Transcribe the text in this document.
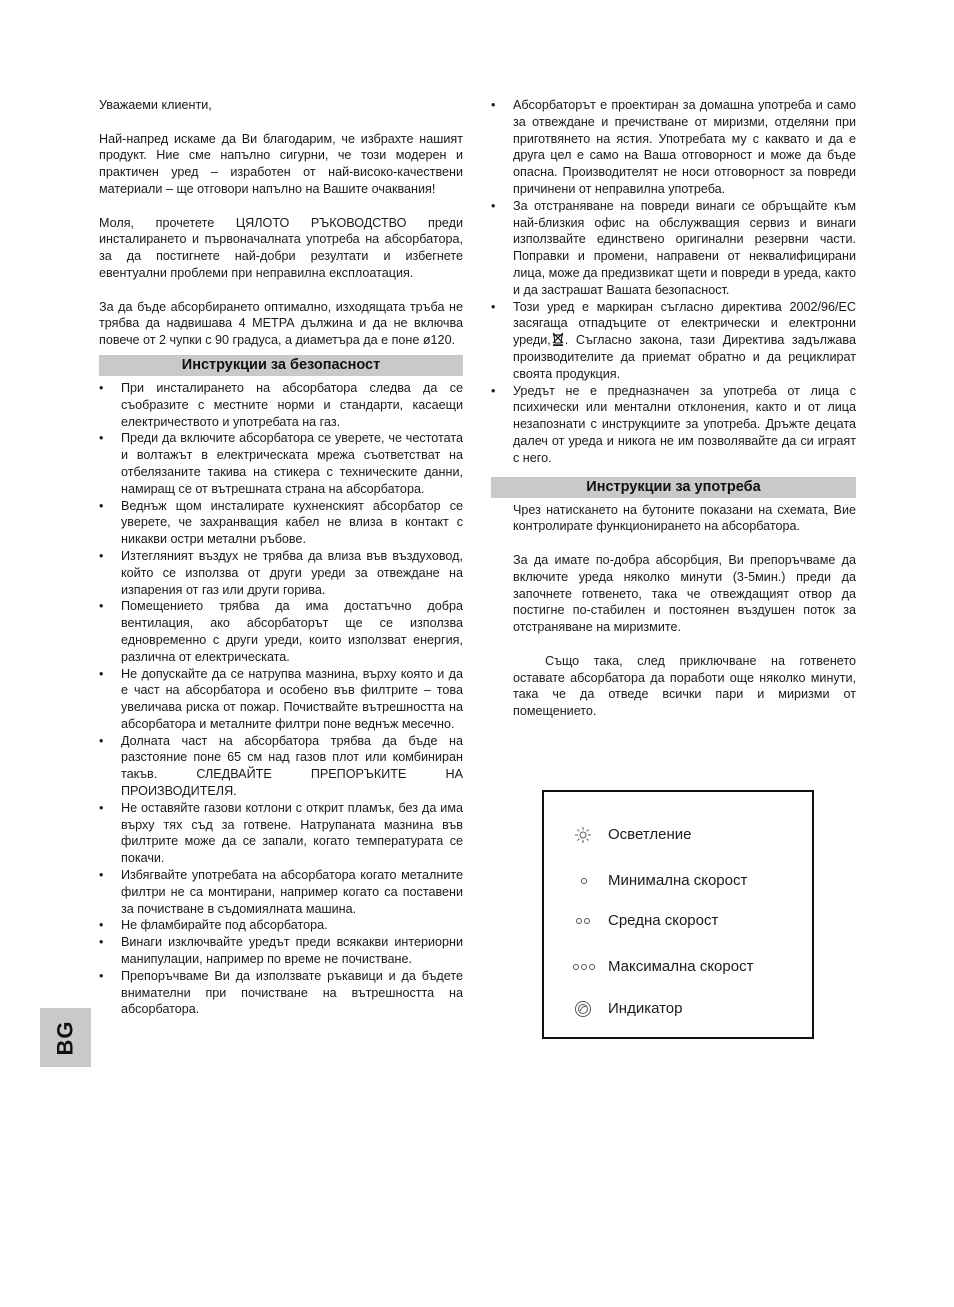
Уважаеми клиенти,
Най-напред искаме да Ви благодарим, че избрахте нашият продукт. Ние сме напълно сигурни, че този модерен и практичен уред – изработен от най-високо-качествени материали – ще отговори напълно на Вашите очаквания!
Моля, прочетете ЦЯЛОТО РЪКОВОДСТВО преди инсталирането и първоначалната употреба на абсорбатора, за да постигнете най-добри резултати и избегнете евентуални проблеми при неправилна експлоатация.
За да бъде абсорбирането оптимално, изходящата тръба не трябва да надвишава 4 МЕТРА дължина и да не включва повече от 2 чупки с 90 градуса, а диаметъра да е поне ø120.
Инструкции за безопасност
• При инсталирането на абсорбатора следва да се съобразите с местните норми и стандарти, касаещи електричеството и употребата на газ.
• Преди да включите абсорбатора се уверете, че честотата и волтажът в електрическата мрежа съответстват на отбелязаните такива на стикера с техническите данни, намиращ се от вътрешната страна на абсорбатора.
• Веднъж щом инсталирате кухненският абсорбатор се уверете, че захранващия кабел не влиза в контакт с никакви остри метални ръбове.
• Изтегляният въздух не трябва да влиза във въздуховод, който се използва от други уреди за отвеждане на изпарения от газ или други горива.
• Помещението трябва да има достатъчно добра вентилация, ако абсорбаторът ще се използва едновременно с други уреди, които използват енергия, различна от електрическата.
• Не допускайте да се натрупва мазнина, върху която и да е част на абсорбатора и особено във филтрите – това увеличава риска от пожар. Почиствайте вътрешността на абсорбатора и металните филтри поне веднъж месечно.
• Долната част на абсорбатора трябва да бъде на разстояние поне 65 см над газов плот или комбиниран такъв. СЛЕДВАЙТЕ ПРЕПОРЪКИТЕ НА ПРОИЗВОДИТЕЛЯ.
• Не оставяйте газови котлони с открит пламък, без да има върху тях съд за готвене. Натрупаната мазнина във филтрите може да се запали, когато температурата се покачи.
• Избягвайте употребата на абсорбатора когато металните филтри не са монтирани, например когато са поставени за почистване в съдомиялната машина.
• Не фламбирайте под абсорбатора.
• Винаги изключвайте уредът преди всякакви интериорни манипулации, например по време не почистване.
• Препоръчваме Ви да използвате ръкавици и да бъдете внимателни при почистване на вътрешността на абсорбатора.
• Абсорбаторът е проектиран за домашна употреба и само за отвеждане и пречистване от миризми, отделяни при приготвянето на ястия. Употребата му с каквато и да е друга цел е само на Ваша отговорност и може да бъде опасна. Производителят не носи отговорност за повреди причинени от неправилна употреба.
• За отстраняване на повреди винаги се обръщайте към най-близкия офис на обслужващия сервиз и винаги използвайте единствено оригинални резервни части. Поправки и промени, направени от неквалифицирани лица, може да предизвикат щети и повреди в уреда, както и да застрашат Вашата безопасност.
• Този уред е маркиран съгласно директива 2002/96/ЕС засягаща отпадъците от електрически и електронни уреди, . Съгласно закона, тази Директива задължава производителите да приемат обратно и да рециклират своята продукция.
• Уредът не е предназначен за употреба от лица с психически или ментални отклонения, както и от лица незапознати с инструкциите за употреба. Дръжте децата далеч от уреда и никога не им позволявайте да си играят с него.
Инструкции за употреба
Чрез натискането на бутоните показани на схемата, Вие контролирате функционирането на абсорбатора.
За да имате по-добра абсорбция, Ви препоръчваме да включите уреда няколко минути (3-5мин.) преди да започнете готвенето, така че отвеждащият отвор да постигне по-стабилен и постоянен въздушен поток за отстраняване на миризмите.
Също така, след приключване на готвенето оставате абсорбатора да поработи още няколко минути, така че да отведе всички пари и миризми от помещението.
Осветление
Минимална скорост
Средна скорост
Максимална скорост
Индикатор
BG
